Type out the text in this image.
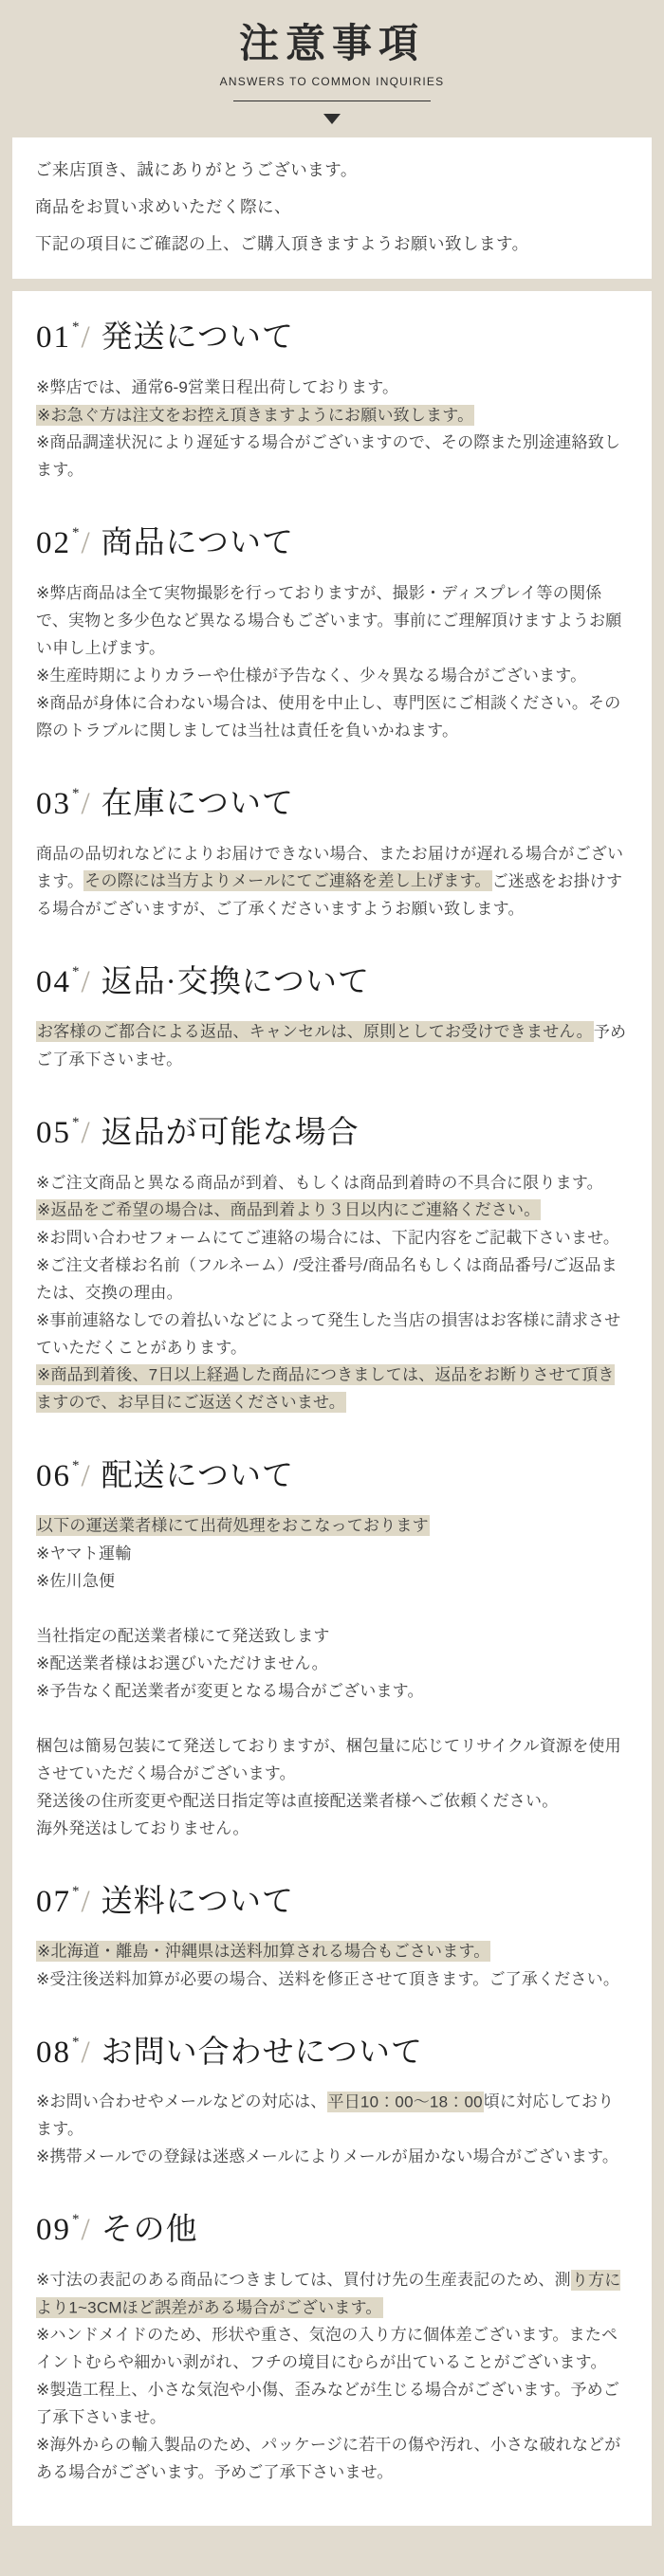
注意事項
ANSWERS TO COMMON INQUIRIES

ご来店頂き、誠にありがとうございます。

商品をお買い求めいただく際に、

下記の項目にご確認の上、ご購入頂きますようお願い致します。

01*/ 発送について

※弊店では、通常6-9営業日程出荷しております。

※お急ぐ方は注文をお控え頂きますようにお願い致します。

※商品調達状況により遅延する場合がございますので、その際また別途連絡致します。

02*/ 商品について

※弊店商品は全て実物撮影を行っておりますが、撮影・ディスプレイ等の関係で、実物と多少色など異なる場合もございます。事前にご理解頂けますようお願い申し上げます。

※生産時期によりカラーや仕様が予告なく、少々異なる場合がございます。

※商品が身体に合わない場合は、使用を中止し、専門医にご相談ください。その際のトラブルに関しましては当社は責任を負いかねます。

03*/ 在庫について

商品の品切れなどによりお届けできない場合、またお届けが遅れる場合がございます。その際には当方よりメールにてご連絡を差し上げます。ご迷惑をお掛けする場合がございますが、ご了承くださいますようお願い致します。

04*/ 返品·交換について

お客様のご都合による返品、キャンセルは、原則としてお受けできません。予めご了承下さいませ。

05*/ 返品が可能な場合

※ご注文商品と異なる商品が到着、もしくは商品到着時の不具合に限ります。

※返品をご希望の場合は、商品到着より３日以内にご連絡ください。

※お問い合わせフォームにてご連絡の場合には、下記内容をご記載下さいませ。

※ご注文者様お名前（フルネーム）/受注番号/商品名もしくは商品番号/ご返品または、交換の理由。

※事前連絡なしでの着払いなどによって発生した当店の損害はお客様に請求させていただくことがあります。

※商品到着後、7日以上経過した商品につきましては、返品をお断りさせて頂きますので、お早目にご返送くださいませ。

06*/ 配送について

以下の運送業者様にて出荷処理をおこなっております

※ヤマト運輸

※佐川急便

当社指定の配送業者様にて発送致します

※配送業者様はお選びいただけません。

※予告なく配送業者が変更となる場合がございます。

梱包は簡易包装にて発送しておりますが、梱包量に応じてリサイクル資源を使用させていただく場合がございます。

発送後の住所変更や配送日指定等は直接配送業者様へご依頼ください。

海外発送はしておりません。

07*/ 送料について

※北海道・離島・沖縄県は送料加算される場合もごさいます。

※受注後送料加算が必要の場合、送料を修正させて頂きます。ご了承ください。

08*/ お問い合わせについて

※お問い合わせやメールなどの対応は、平日10：00～18：00頃に対応しております。

※携帯メールでの登録は迷惑メールによりメールが届かない場合がございます。

09*/ その他

※寸法の表記のある商品につきましては、買付け先の生産表記のため、測り方により1~3CMほど誤差がある場合がございます。

※ハンドメイドのため、形状や重さ、気泡の入り方に個体差ございます。またペイントむらや細かい剥がれ、フチの境目にむらが出ていることがございます。

※製造工程上、小さな気泡や小傷、歪みなどが生じる場合がございます。予めご了承下さいませ。

※海外からの輸入製品のため、パッケージに若干の傷や汚れ、小さな破れなどがある場合がございます。予めご了承下さいませ。
